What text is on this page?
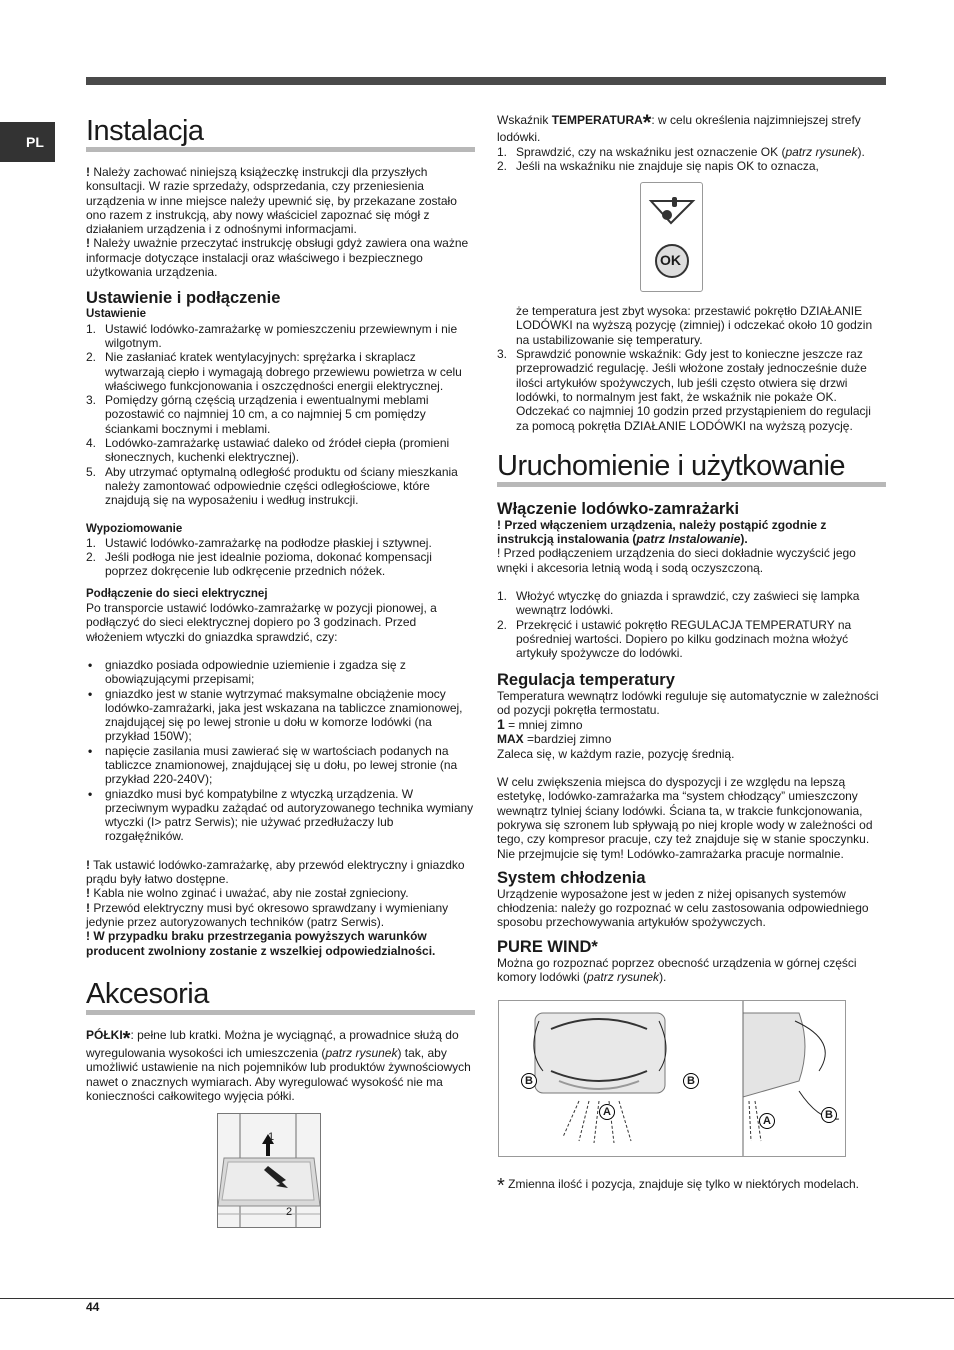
PL	Instalacja

! Należy zachować niniejszą książeczkę instrukcji dla przyszłych konsultacji. W razie sprzedaży, odsprzedania, czy przeniesienia urządzenia w inne miejsce należy upewnić się, by przekazane zostało ono razem z instrukcją, aby nowy właściciel zapoznać się mógł z działaniem urządzenia i z odnośnymi informacjami.

! Należy uważnie przeczytać instrukcję obsługi gdyż zawiera ona ważne informacje dotyczące instalacji oraz właściwego i bezpiecznego użytkowania urządzenia.

Ustawienie i podłączenie

Ustawienie

1. Ustawić lodówko-zamrażarkę w pomieszczeniu przewiewnym i nie wilgotnym.
2. Nie zasłaniać kratek wentylacyjnych: sprężarka i skraplacz wytwarzają ciepło i wymagają dobrego przewiewu powietrza w celu właściwego funkcjonowania i oszczędności energii elektrycznej.
3. Pomiędzy górną częścią urządzenia i ewentualnymi meblami pozostawić co najmniej 10 cm, a co najmniej 5 cm pomiędzy ściankami bocznymi i meblami.
4. Lodówko-zamrażarkę ustawiać daleko od źródeł ciepła (promieni słonecznych, kuchenki elektrycznej).
5. Aby utrzymać optymalną odległość produktu od ściany mieszkania należy zamontować odpowiednie części odległościowe, które znajdują się na wyposażeniu i według instrukcji.

Wypoziomowanie

1. Ustawić lodówko-zamrażarkę na podłodze płaskiej i sztywnej.
2. Jeśli podłoga nie jest idealnie pozioma, dokonać kompensacji poprzez dokręcenie lub odkręcenie przednich nóżek.

Podłączenie do sieci elektrycznej

Po transporcie ustawić lodówko-zamrażarkę w pozycji pionowej, a podłączyć do sieci elektrycznej dopiero po 3 godzinach. Przed włożeniem wtyczki do gniazdka sprawdzić, czy:

• gniazdko posiada odpowiednie uziemienie i zgadza się z obowiązującymi przepisami;
• gniazdko jest w stanie wytrzymać maksymalne obciążenie mocy lodówko-zamrażarki, jaka jest wskazana na tabliczce znamionowej, znajdującej się po lewej stronie u dołu w komorze lodówki (na przykład 150W);
• napięcie zasilania musi zawierać się w wartościach podanych na tabliczce znamionowej, znajdującej się u dołu, po lewej stronie (na przykład 220-240V);
• gniazdko musi być kompatybilne z wtyczką urządzenia. W przeciwnym wypadku zażądać od autoryzowanego technika wymiany wtyczki (I> patrz Serwis); nie używać przedłużaczy lub rozgałęźników.

! Tak ustawić lodówko-zamrażarkę, aby przewód elektryczny i gniazdko prądu były łatwo dostępne.

! Kabla nie wolno zginać i uważać, aby nie został zgnieciony.

! Przewód elektryczny musi być okresowo sprawdzany i wymieniany jedynie przez autoryzowanych techników (patrz Serwis).

! W przypadku braku przestrzegania powyższych warunków producent zwolniony zostanie z wszelkiej odpowiedzialności.

Akcesoria

PÓŁKI*: pełne lub kratki. Można je wyciągnąć, a prowadnice służą do wyregulowania wysokości ich umieszczenia (patrz rysunek) tak, aby umożliwić ustawienie na nich pojemników lub produktów żywnościowych nawet o znacznych wymiarach. Aby wyregulować wysokość nie ma konieczności całkowitego wyjęcia półki.

1
2

Wskaźnik TEMPERATURA*: w celu określenia najzimniejszej strefy lodówki.

1. Sprawdzić, czy na wskaźniku jest oznaczenie OK (patrz rysunek).
2. Jeśli na wskaźniku nie znajduje się napis OK to oznacza,
OK

że temperatura jest zbyt wysoka: przestawić pokrętło DZIAŁANIE LODÓWKI na wyższą pozycję (zimniej) i odczekać około 10 godzin na ustabilizowanie się temperatury.

3. Sprawdzić ponownie wskaźnik: Gdy jest to konieczne jeszcze raz przeprowadzić regulację. Jeśli włożone zostały jednocześnie duże ilości artykułów spożywczych, lub jeśli często otwiera się drzwi lodówki, to normalnym jest fakt, że wskaźnik nie pokaże OK. Odczekać co najmniej 10 godzin przed przystąpieniem do regulacji za pomocą pokrętła DZIAŁANIE LODÓWKI na wyższą pozycję.
Uruchomienie i użytkowanie
Włączenie lodówko-zamrażarki

! Przed włączeniem urządzenia, należy postąpić zgodnie z instrukcją instalowania (patrz Instalowanie).

! Przed podłączeniem urządzenia do sieci dokładnie wyczyścić jego wnęki i akcesoria letnią wodą i sodą oczyszczoną.

1. Włożyć wtyczkę do gniazda i sprawdzić, czy zaświeci się lampka wewnątrz lodówki.
2. Przekręcić i ustawić pokrętło REGULACJA TEMPERATURY na pośredniej wartości. Dopiero po kilku godzinach można włożyć artykuły spożywcze do lodówki.
Regulacja temperatury

Temperatura wewnątrz lodówki reguluje się automatycznie w zależności od pozycji pokrętła termostatu.

1 = mniej zimno

MAX =bardziej zimno

Zaleca się, w każdym razie, pozycję średnią.

W celu zwiększenia miejsca do dyspozycji i ze względu na lepszą estetykę, lodówko-zamrażarka ma “system chłodzący” umieszczony wewnątrz tylniej ściany lodówki. Ściana ta, w trakcie funkcjonowania, pokrywa się szronem lub spływają po niej krople wody w zależności od tego, czy kompresor pracuje, czy też znajduje się w stanie spoczynku. Nie przejmujcie się tym! Lodówko-zamrażarka pracuje normalnie.

System chłodzenia

Urządzenie wyposażone jest w jeden z niżej opisanych systemów chłodzenia: należy go rozpoznać w celu zastosowania odpowiedniego sposobu przechowywania artykułów spożywczych.

PURE WIND*

Można go rozpoznać poprzez obecność urządzenia w górnej części komory lodówki (patrz rysunek).

B	B
A
A	B

* Zmienna ilość i pozycja, znajduje się tylko w niektórych modelach.

44
